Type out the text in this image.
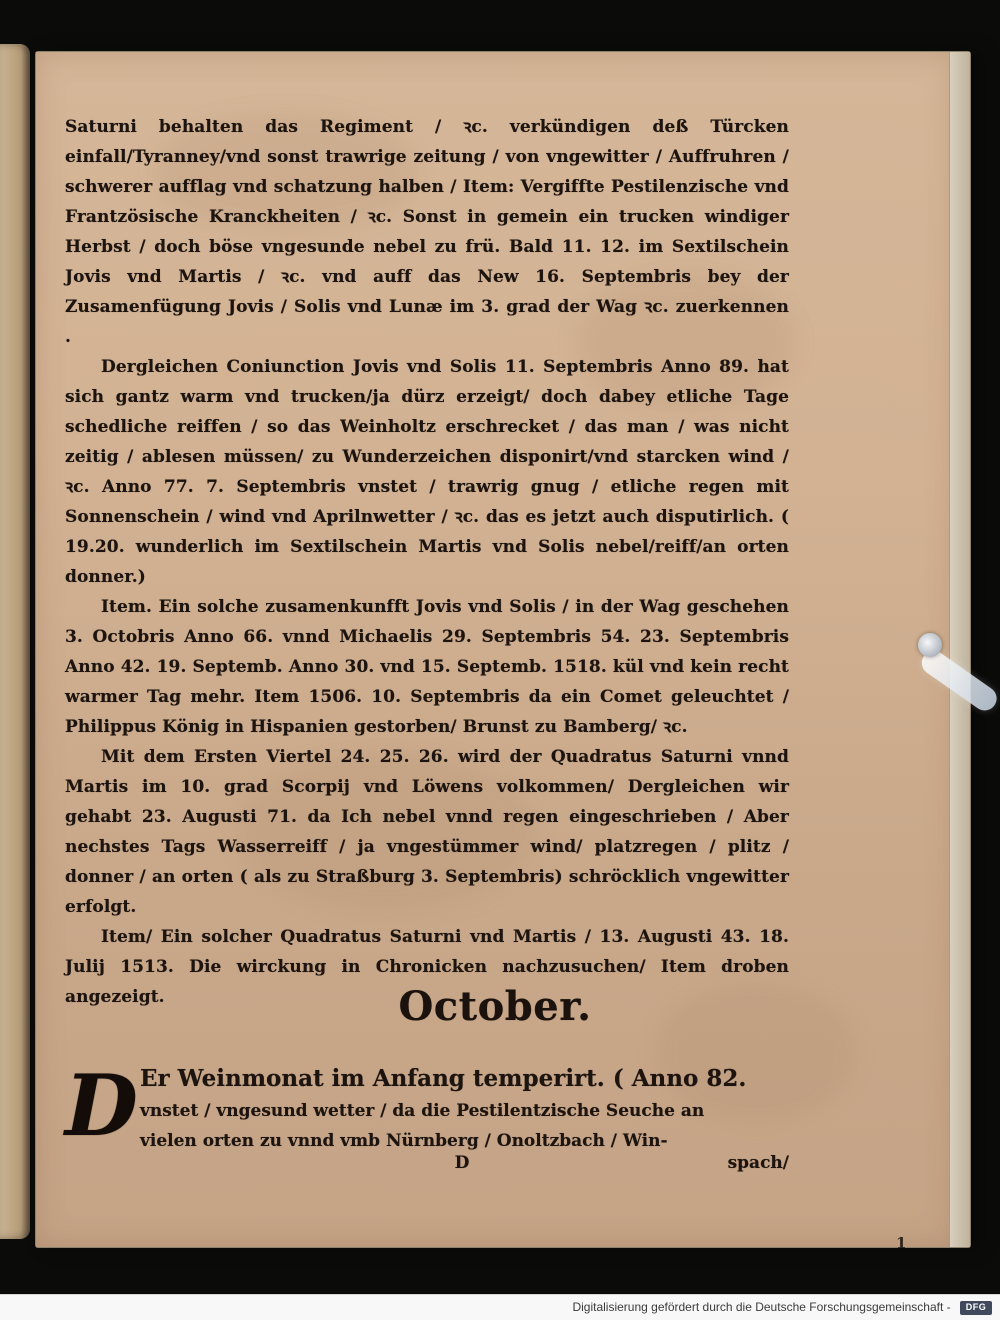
Saturni behalten das Regiment / ꝛc. verkündigen deß Türcken einfall/Tyranney/vnd sonst trawrige zeitung / von vngewitter / Auffruhren / schwerer aufflag vnd schatzung halben / Item: Vergiffte Pestilenzische vnd Frantzösische Kranckheiten / ꝛc. Sonst in gemein ein trucken windiger Herbst / doch böse vngesunde nebel zu frü. Bald 11. 12. im Sextilschein Jovis vnd Martis / ꝛc. vnd auff das New 16. Septembris bey der Zusamenfügung Jovis / Solis vnd Lunæ im 3. grad der Wag ꝛc. zuerkennen .

Dergleichen Coniunction Jovis vnd Solis 11. Septembris Anno 89. hat sich gantz warm vnd trucken/ja dürz erzeigt/ doch dabey etliche Tage schedliche reiffen / so das Weinholtz erschrecket / das man / was nicht zeitig / ablesen müssen/ zu Wunderzeichen disponirt/vnd starcken wind / ꝛc. Anno 77. 7. Septembris vnstet / trawrig gnug / etliche regen mit Sonnenschein / wind vnd Aprilnwetter / ꝛc. das es jetzt auch disputirlich. ( 19.20. wunderlich im Sextilschein Martis vnd Solis nebel/reiff/an orten donner.)

Item. Ein solche zusamenkunfft Jovis vnd Solis / in der Wag geschehen 3. Octobris Anno 66. vnnd Michaelis 29. Septembris 54. 23. Septembris Anno 42. 19. Septemb. Anno 30. vnd 15. Septemb. 1518. kül vnd kein recht warmer Tag mehr. Item 1506. 10. Septembris da ein Comet geleuchtet / Philippus König in Hispanien gestorben/ Brunst zu Bamberg/ ꝛc.

Mit dem Ersten Viertel 24. 25. 26. wird der Quadratus Saturni vnnd Martis im 10. grad Scorpij vnd Löwens volkommen/ Dergleichen wir gehabt 23. Augusti 71. da Ich nebel vnnd regen eingeschrieben / Aber nechstes Tags Wasserreiff / ja vngestümmer wind/ platzregen / plitz / donner / an orten ( als zu Straßburg 3. Septembris) schröcklich vngewitter erfolgt.

Item/ Ein solcher Quadratus Saturni vnd Martis / 13. Augusti 43. 18. Julij 1513. Die wirckung in Chronicken nachzusuchen/ Item droben angezeigt.	October.
D Er Weinmonat im Anfang temperirt. ( Anno 82.

vnstet / vngesund wetter / da die Pestilentzische Seuche an

vielen orten zu vnnd vmb Nürnberg / Onoltzbach / Win-

D	spach/
1
Digitalisierung gefördert durch die Deutsche Forschungsgemeinschaft - DFG
